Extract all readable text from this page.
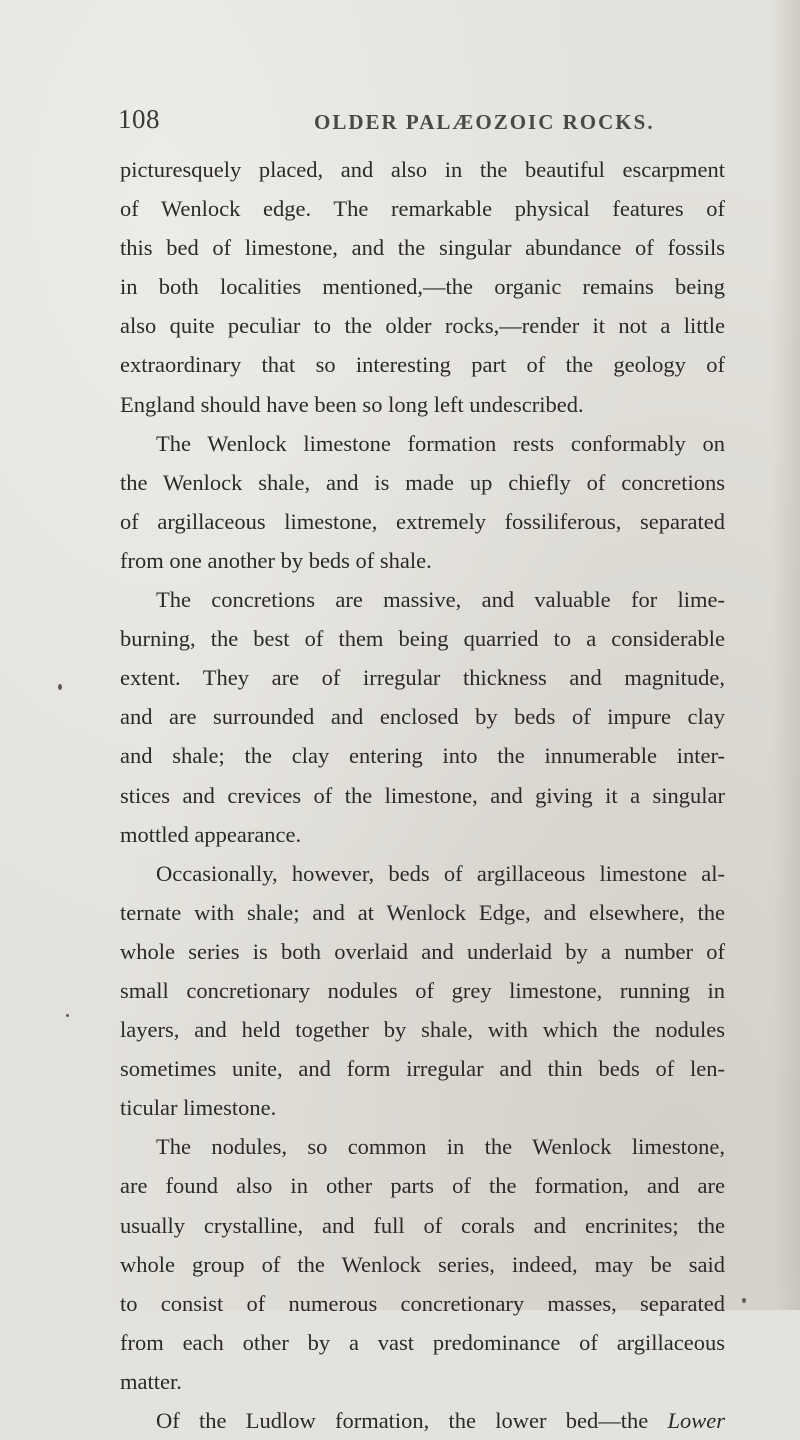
108	OLDER PALÆOZOIC ROCKS.
picturesquely placed, and also in the beautiful escarpment
of Wenlock edge. The remarkable physical features of
this bed of limestone, and the singular abundance of fossils
in both localities mentioned,—the organic remains being
also quite peculiar to the older rocks,—render it not a little
extraordinary that so interesting part of the geology of
England should have been so long left undescribed.
The Wenlock limestone formation rests conformably on
the Wenlock shale, and is made up chiefly of concretions
of argillaceous limestone, extremely fossiliferous, separated
from one another by beds of shale.
The concretions are massive, and valuable for lime-
burning, the best of them being quarried to a considerable
extent. They are of irregular thickness and magnitude,
and are surrounded and enclosed by beds of impure clay
and shale; the clay entering into the innumerable inter-
stices and crevices of the limestone, and giving it a singular
mottled appearance.
Occasionally, however, beds of argillaceous limestone al-
ternate with shale; and at Wenlock Edge, and elsewhere, the
whole series is both overlaid and underlaid by a number of
small concretionary nodules of grey limestone, running in
layers, and held together by shale, with which the nodules
sometimes unite, and form irregular and thin beds of len-
ticular limestone.
The nodules, so common in the Wenlock limestone,
are found also in other parts of the formation, and are
usually crystalline, and full of corals and encrinites; the
whole group of the Wenlock series, indeed, may be said
to consist of numerous concretionary masses, separated
from each other by a vast predominance of argillaceous
matter.
Of the Ludlow formation, the lower bed—the Lower
